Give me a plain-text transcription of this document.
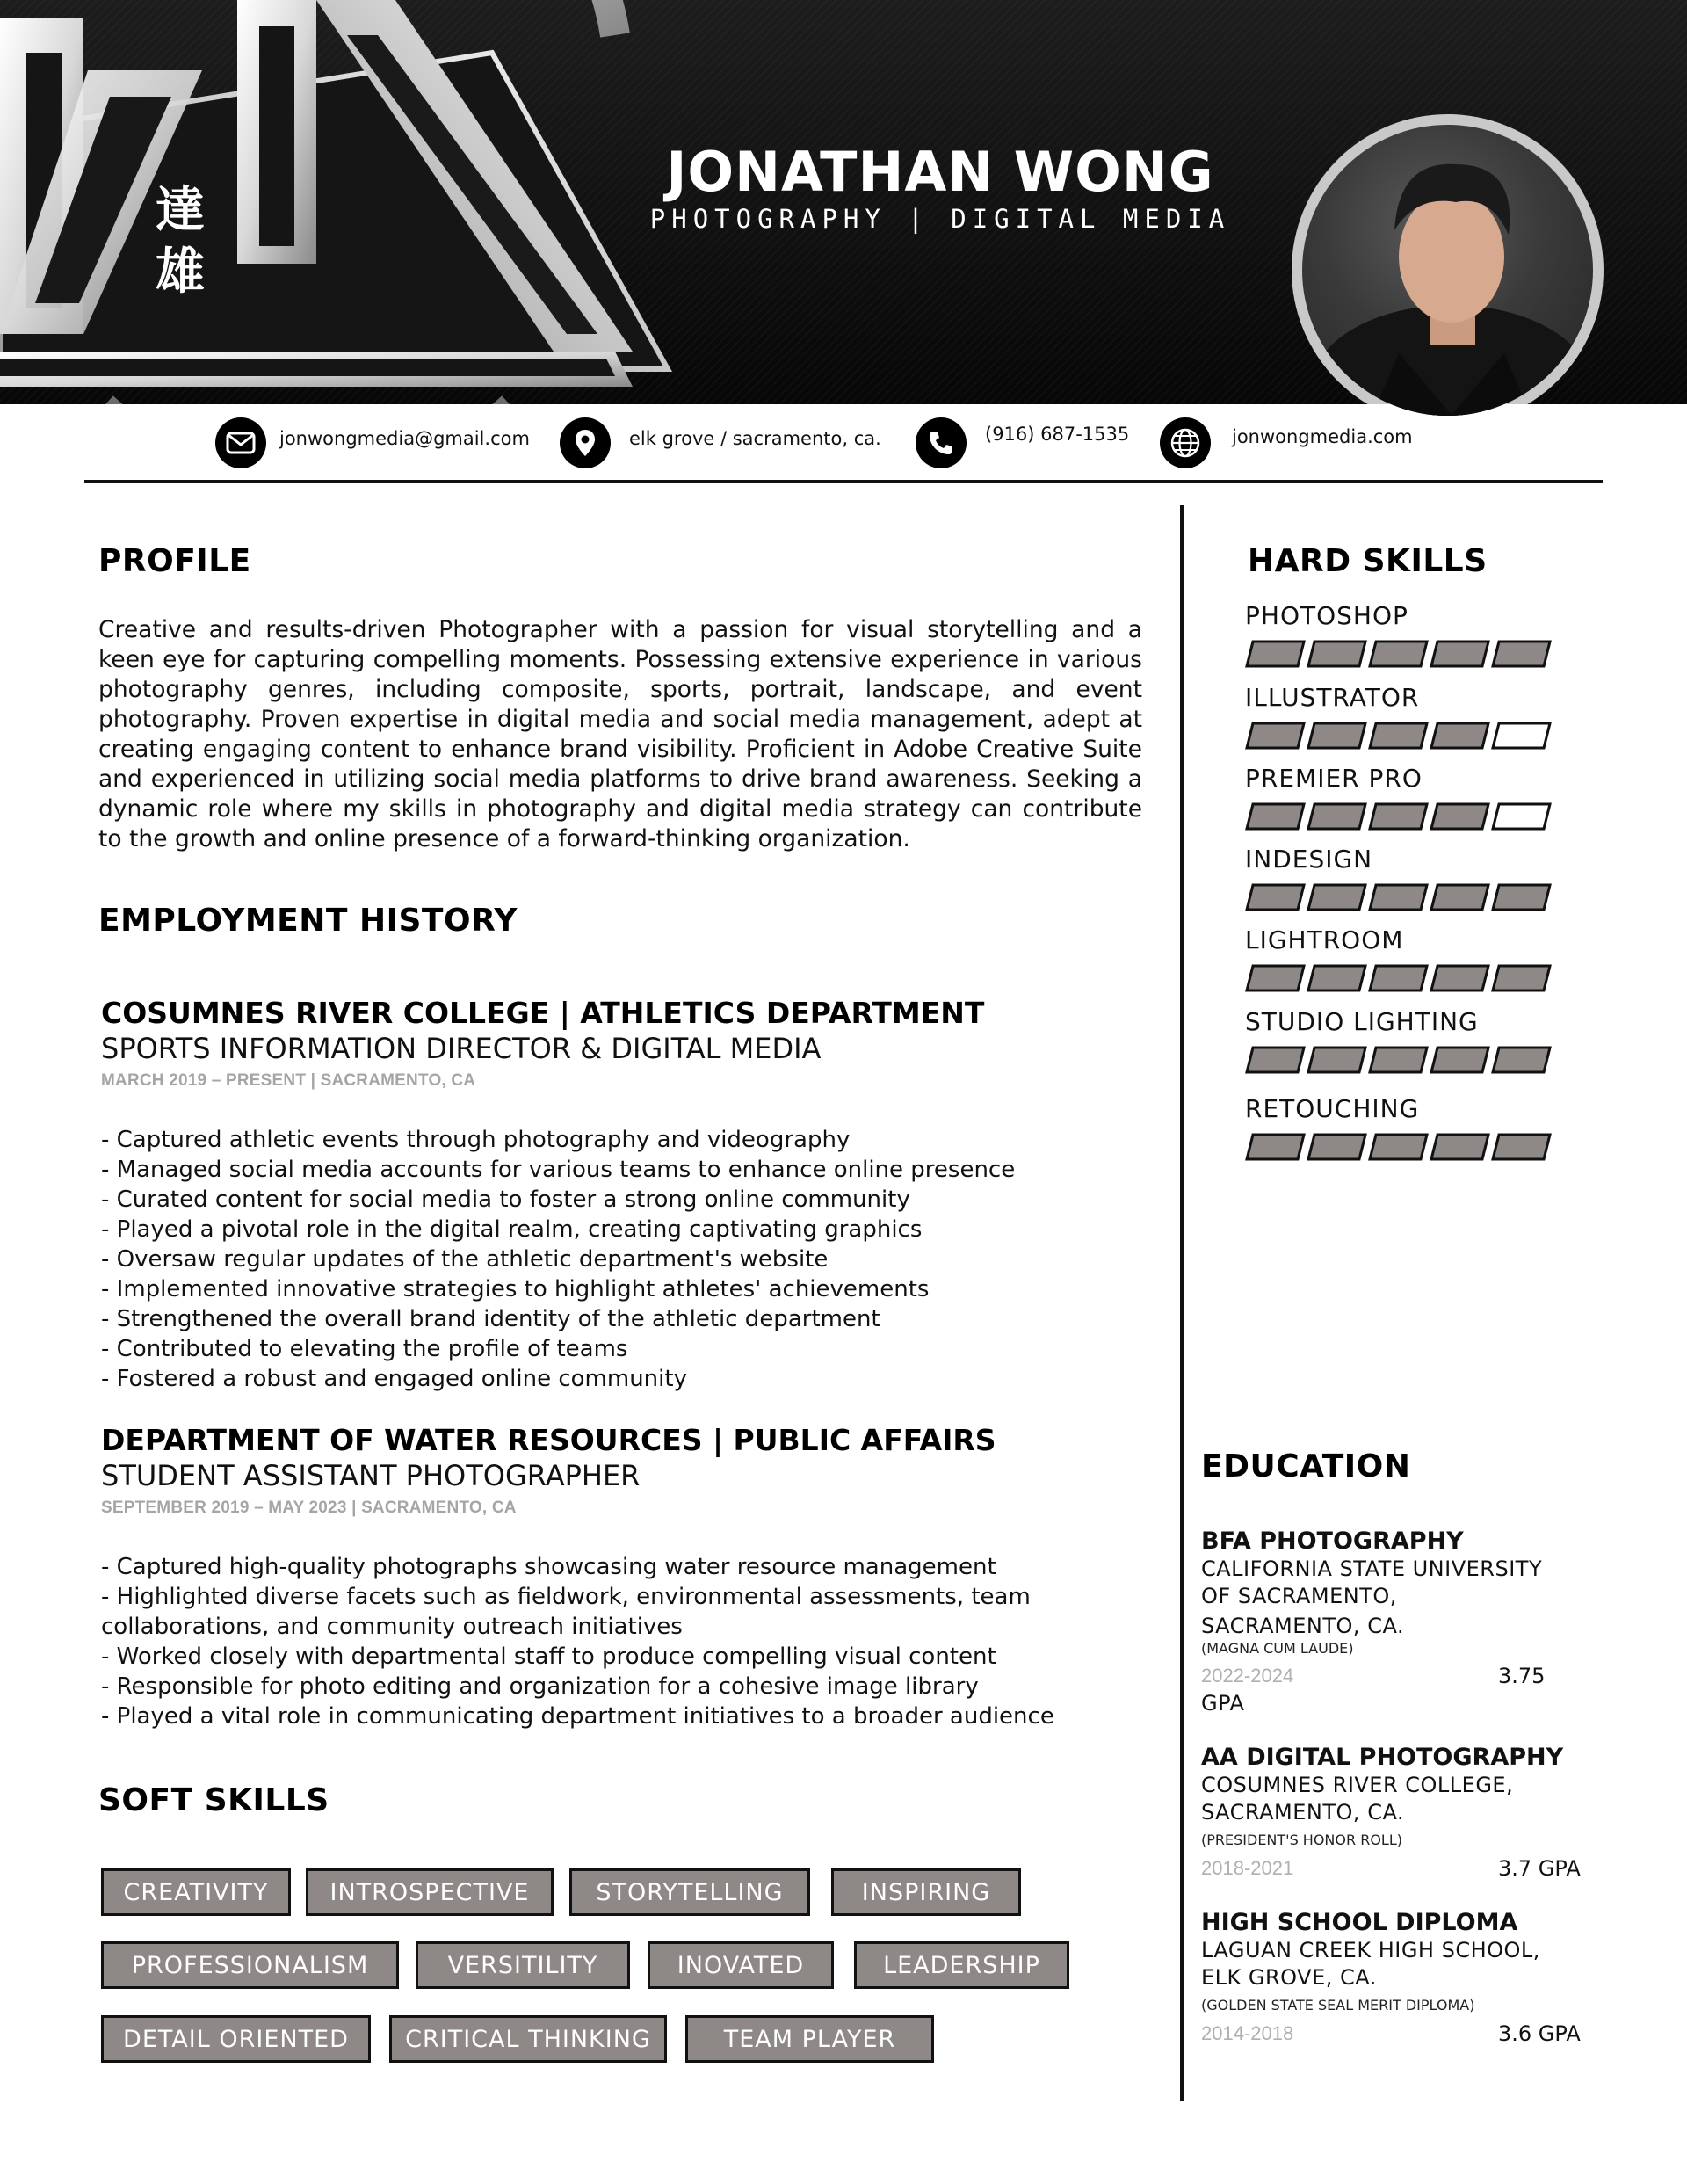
達雄
JONATHAN WONG
PHOTOGRAPHY | DIGITAL MEDIA
jonwongmedia@gmail.com	elk grove / sacramento, ca.	(916) 687-1535	jonwongmedia.com
PROFILE
Creative and results-driven Photographer with a passion for visual storytelling and a keen eye for capturing compelling moments. Possessing extensive experience in various photography genres, including composite, sports, portrait, landscape, and event photography. Proven expertise in digital media and social media management, adept at creating engaging content to enhance brand visibility. Proficient in Adobe Creative Suite and experienced in utilizing social media platforms to drive brand awareness. Seeking a dynamic role where my skills in photography and digital media strategy can contribute to the growth and online presence of a forward-thinking organization.
EMPLOYMENT HISTORY
COSUMNES RIVER COLLEGE | ATHLETICS DEPARTMENT
SPORTS INFORMATION DIRECTOR & DIGITAL MEDIA
MARCH 2019 – PRESENT | SACRAMENTO, CA
- Captured athletic events through photography and videography
- Managed social media accounts for various teams to enhance online presence
- Curated content for social media to foster a strong online community
- Played a pivotal role in the digital realm, creating captivating graphics
- Oversaw regular updates of the athletic department's website
- Implemented innovative strategies to highlight athletes' achievements
- Strengthened the overall brand identity of the athletic department
- Contributed to elevating the profile of teams
- Fostered a robust and engaged online community
DEPARTMENT OF WATER RESOURCES | PUBLIC AFFAIRS
STUDENT ASSISTANT PHOTOGRAPHER
SEPTEMBER 2019 – MAY 2023 | SACRAMENTO, CA
- Captured high-quality photographs showcasing water resource management
- Highlighted diverse facets such as fieldwork, environmental assessments, team
collaborations, and community outreach initiatives
- Worked closely with departmental staff to produce compelling visual content
- Responsible for photo editing and organization for a cohesive image library
- Played a vital role in communicating department initiatives to a broader audience
SOFT SKILLS
CREATIVITY	INTROSPECTIVE	STORYTELLING	INSPIRING
PROFESSIONALISM	VERSITILITY	INOVATED	LEADERSHIP
DETAIL ORIENTED	CRITICAL THINKING	TEAM PLAYER
HARD SKILLS
PHOTOSHOP
ILLUSTRATOR
PREMIER PRO
INDESIGN
LIGHTROOM
STUDIO LIGHTING
RETOUCHING
EDUCATION
BFA PHOTOGRAPHY
CALIFORNIA STATE UNIVERSITY
OF SACRAMENTO,
SACRAMENTO, CA.
(MAGNA CUM LAUDE)
2022-2024	3.75
GPA
AA DIGITAL PHOTOGRAPHY
COSUMNES RIVER COLLEGE,
SACRAMENTO, CA.
(PRESIDENT'S HONOR ROLL)
2018-2021	3.7 GPA
HIGH SCHOOL DIPLOMA
LAGUAN CREEK HIGH SCHOOL,
ELK GROVE, CA.
(GOLDEN STATE SEAL MERIT DIPLOMA)
2014-2018	3.6 GPA
